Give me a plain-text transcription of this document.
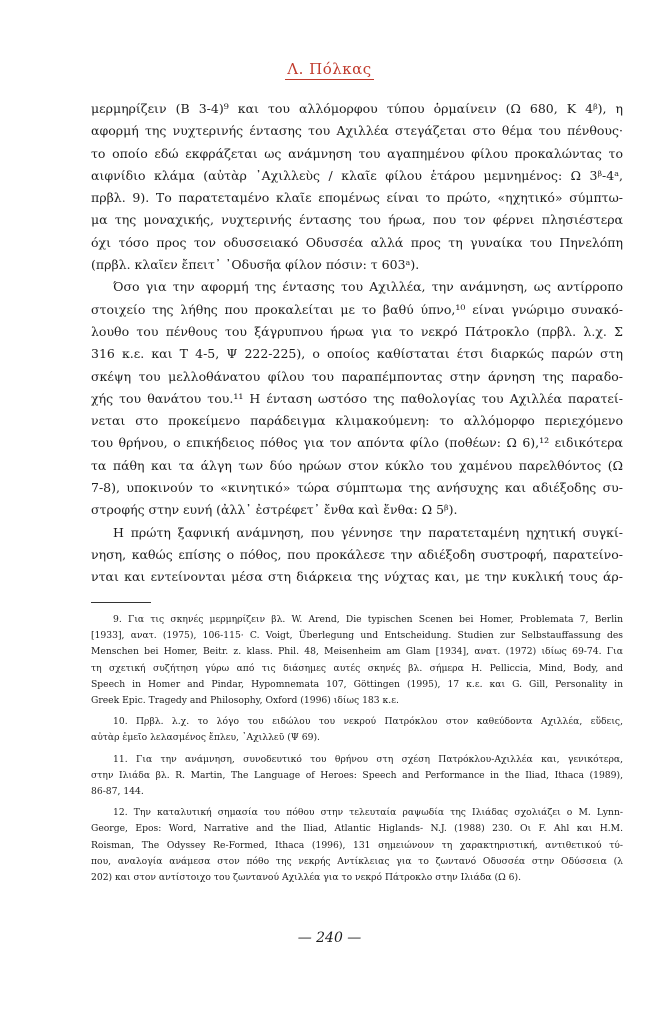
Λ. Πόλκας
μερμηρίζειν (Β 3-4)⁹ και του αλλόμορφου τύπου ὁρμαίνειν (Ω 680, Κ 4ᵝ), η
αφορμή της νυχτερινής έντασης του Αχιλλέα στεγάζεται στο θέμα του πένθους·
το οποίο εδώ εκφράζεται ως ανάμνηση του αγαπημένου φίλου προκαλώντας το
αιφνίδιο κλάμα (αὐτὰρ ᾿Αχιλλεὺς / κλαῖε φίλου ἑτάρου μεμνημένος: Ω 3ᵝ-4ᵃ,
πρβλ. 9). Το παρατεταμένο κλαῖε επομένως είναι το πρώτο, «ηχητικό» σύμπτω-
μα της μοναχικής, νυχτερινής έντασης του ήρωα, που τον φέρνει πλησιέστερα
όχι τόσο προς τον οδυσσειακό Οδυσσέα αλλά προς τη γυναίκα του Πηνελόπη
(πρβλ. κλαῖεν ἔπειτ᾿ ᾿Οδυσῆα φίλον πόσιν: τ 603ᵃ).
Όσο για την αφορμή της έντασης του Αχιλλέα, την ανάμνηση, ως αντίρροπο
στοιχείο της λήθης που προκαλείται με το βαθύ ύπνο,¹⁰ είναι γνώριμο συνακό-
λουθο του πένθους του ξάγρυπνου ήρωα για το νεκρό Πάτροκλο (πρβλ. λ.χ. Σ
316 κ.ε. και Τ 4-5, Ψ 222-225), ο οποίος καθίσταται έτσι διαρκώς παρών στη
σκέψη του μελλοθάνατου φίλου του παραπέμποντας στην άρνηση της παραδο-
χής του θανάτου του.¹¹ Η ένταση ωστόσο της παθολογίας του Αχιλλέα παρατεί-
νεται στο προκείμενο παράδειγμα κλιμακούμενη: το αλλόμορφο περιεχόμενο
του θρήνου, ο επικήδειος πόθος για τον απόντα φίλο (ποθέων: Ω 6),¹² ειδικότερα
τα πάθη και τα άλγη των δύο ηρώων στον κύκλο του χαμένου παρελθόντος (Ω
7-8), υποκινούν το «κινητικό» τώρα σύμπτωμα της ανήσυχης και αδιέξοδης συ-
στροφής στην ευνή (ἀλλ᾿ ἐστρέφετ᾿ ἔνθα καὶ ἔνθα: Ω 5ᵝ).
Η πρώτη ξαφνική ανάμνηση, που γέννησε την παρατεταμένη ηχητική συγκί-
νηση, καθώς επίσης ο πόθος, που προκάλεσε την αδιέξοδη συστροφή, παρατείνο-
νται και εντείνονται μέσα στη διάρκεια της νύχτας και, με την κυκλική τους άρ-
9. Για τις σκηνές μερμηρίζειν βλ. W. Arend, Die typischen Scenen bei Homer, Problemata 7, Berlin
[1933], ανατ. (1975), 106-115· C. Voigt, Überlegung und Entscheidung. Studien zur Selbstauffassung des
Menschen bei Homer, Beitr. z. klass. Phil. 48, Meisenheim am Glam [1934], ανατ. (1972) ιδίως 69-74. Για
τη σχετική συζήτηση γύρω από τις διάσημες αυτές σκηνές βλ. σήμερα H. Pelliccia, Mind, Body, and
Speech in Homer and Pindar, Hypomnemata 107, Göttingen (1995), 17 κ.ε. και G. Gill, Personality in
Greek Epic. Tragedy and Philosophy, Oxford (1996) ιδίως 183 κ.ε.
10. Πρβλ. λ.χ. το λόγο του ειδώλου του νεκρού Πατρόκλου στον καθεύδοντα Αχιλλέα, εὕδεις,
αὐτὰρ ἐμεῖο λελασμένος ἔπλευ, ᾿Αχιλλεῦ (Ψ 69).
11. Για την ανάμνηση, συνοδευτικό του θρήνου στη σχέση Πατρόκλου-Αχιλλέα και, γενικότερα,
στην Ιλιάδα βλ. R. Martin, The Language of Heroes: Speech and Performance in the Iliad, Ithaca (1989),
86-87, 144.
12. Την καταλυτική σημασία του πόθου στην τελευταία ραψωδία της Ιλιάδας σχολιάζει ο M. Lynn-
George, Epos: Word, Narrative and the Iliad, Atlantic Higlands- N.J. (1988) 230. Οι F. Ahl και H.M.
Roisman, The Odyssey Re-Formed, Ithaca (1996), 131 σημειώνουν τη χαρακτηριστική, αντιθετικού τύ-
που, αναλογία ανάμεσα στον πόθο της νεκρής Αντίκλειας για το ζωντανό Οδυσσέα στην Οδύσσεια (λ
202) και στον αντίστοιχο του ζωντανού Αχιλλέα για το νεκρό Πάτροκλο στην Ιλιάδα (Ω 6).
— 240 —
